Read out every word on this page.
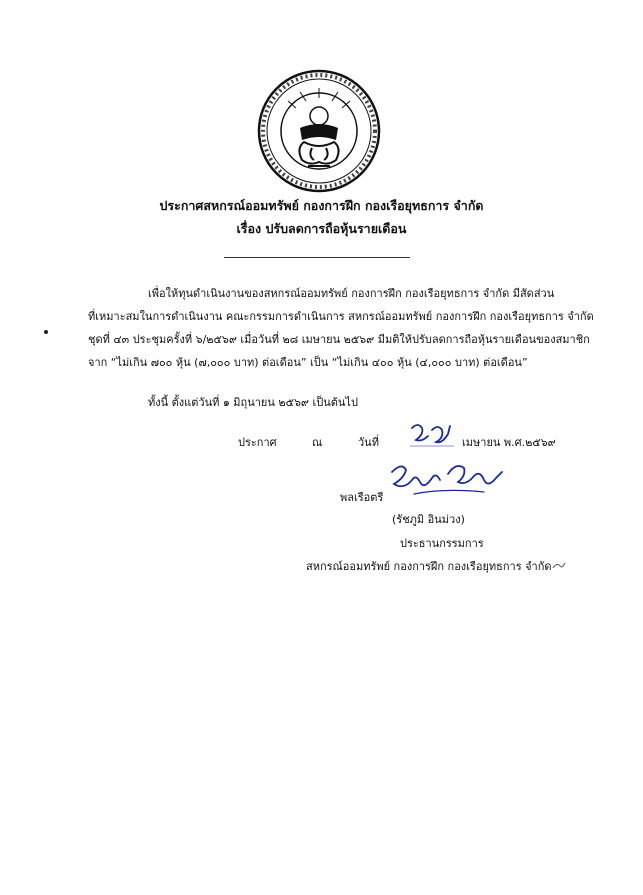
ประกาศสหกรณ์ออมทรัพย์ กองการฝึก กองเรือยุทธการ จำกัด
เรื่อง ปรับลดการถือหุ้นรายเดือน
เพื่อให้ทุนดำเนินงานของสหกรณ์ออมทรัพย์ กองการฝึก กองเรือยุทธการ จำกัด มีสัดส่วน
ที่เหมาะสมในการดำเนินงาน คณะกรรมการดำเนินการ สหกรณ์ออมทรัพย์ กองการฝึก กองเรือยุทธการ จำกัด
ชุดที่ ๔๓ ประชุมครั้งที่ ๖/๒๕๖๙ เมื่อวันที่ ๒๘ เมษายน ๒๕๖๙ มีมติให้ปรับลดการถือหุ้นรายเดือนของสมาชิก
จาก “ไม่เกิน ๗๐๐ หุ้น (๗,๐๐๐ บาท) ต่อเดือน” เป็น “ไม่เกิน ๔๐๐ หุ้น (๔,๐๐๐ บาท) ต่อเดือน”
ทั้งนี้ ตั้งแต่วันที่ ๑ มิถุนายน ๒๕๖๙ เป็นต้นไป
ประกาศ	ณ	วันที่	เมษายน พ.ศ.๒๕๖๙
พลเรือตรี
(รัชภูมิ อินม่วง)
ประธานกรรมการ
สหกรณ์ออมทรัพย์ กองการฝึก กองเรือยุทธการ จำกัด
